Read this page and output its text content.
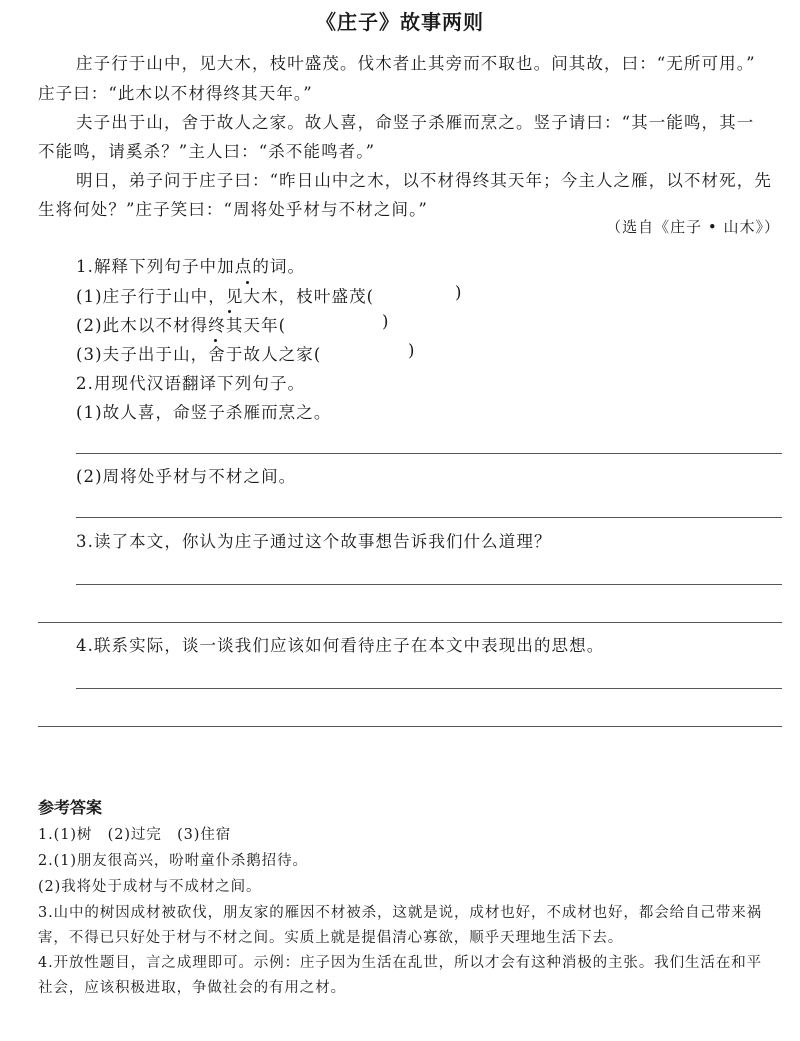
《庄子》故事两则
庄子行于山中，见大木，枝叶盛茂。伐木者止其旁而不取也。问其故，曰：“无所可用。”
庄子曰：“此木以不材得终其天年。”
夫子出于山，舍于故人之家。故人喜，命竖子杀雁而烹之。竖子请曰：“其一能鸣，其一
不能鸣，请奚杀？”主人曰：“杀不能鸣者。”
明日，弟子问于庄子曰：“昨日山中之木，以不材得终其天年；今主人之雁，以不材死，先
生将何处？”庄子笑曰：“周将处乎材与不材之间。”
（选自《庄子 • 山木》）
1.解释下列句子中加点的词。
(1)庄子行于山中，见大木，枝叶盛茂(	)
(2)此木以不材得终其天年(	)
(3)夫子出于山，舍于故人之家(	)
2.用现代汉语翻译下列句子。
(1)故人喜，命竖子杀雁而烹之。
(2)周将处乎材与不材之间。
3.读了本文，你认为庄子通过这个故事想告诉我们什么道理？
4.联系实际，谈一谈我们应该如何看待庄子在本文中表现出的思想。
参考答案
1.(1)树　(2)过完　(3)住宿
2.(1)朋友很高兴，吩咐童仆杀鹅招待。
(2)我将处于成材与不成材之间。
3.山中的树因成材被砍伐，朋友家的雁因不材被杀，这就是说，成材也好，不成材也好，都会给自己带来祸
害，不得已只好处于材与不材之间。实质上就是提倡清心寡欲，顺乎天理地生活下去。
4.开放性题目，言之成理即可。示例：庄子因为生活在乱世，所以才会有这种消极的主张。我们生活在和平
社会，应该积极进取，争做社会的有用之材。
